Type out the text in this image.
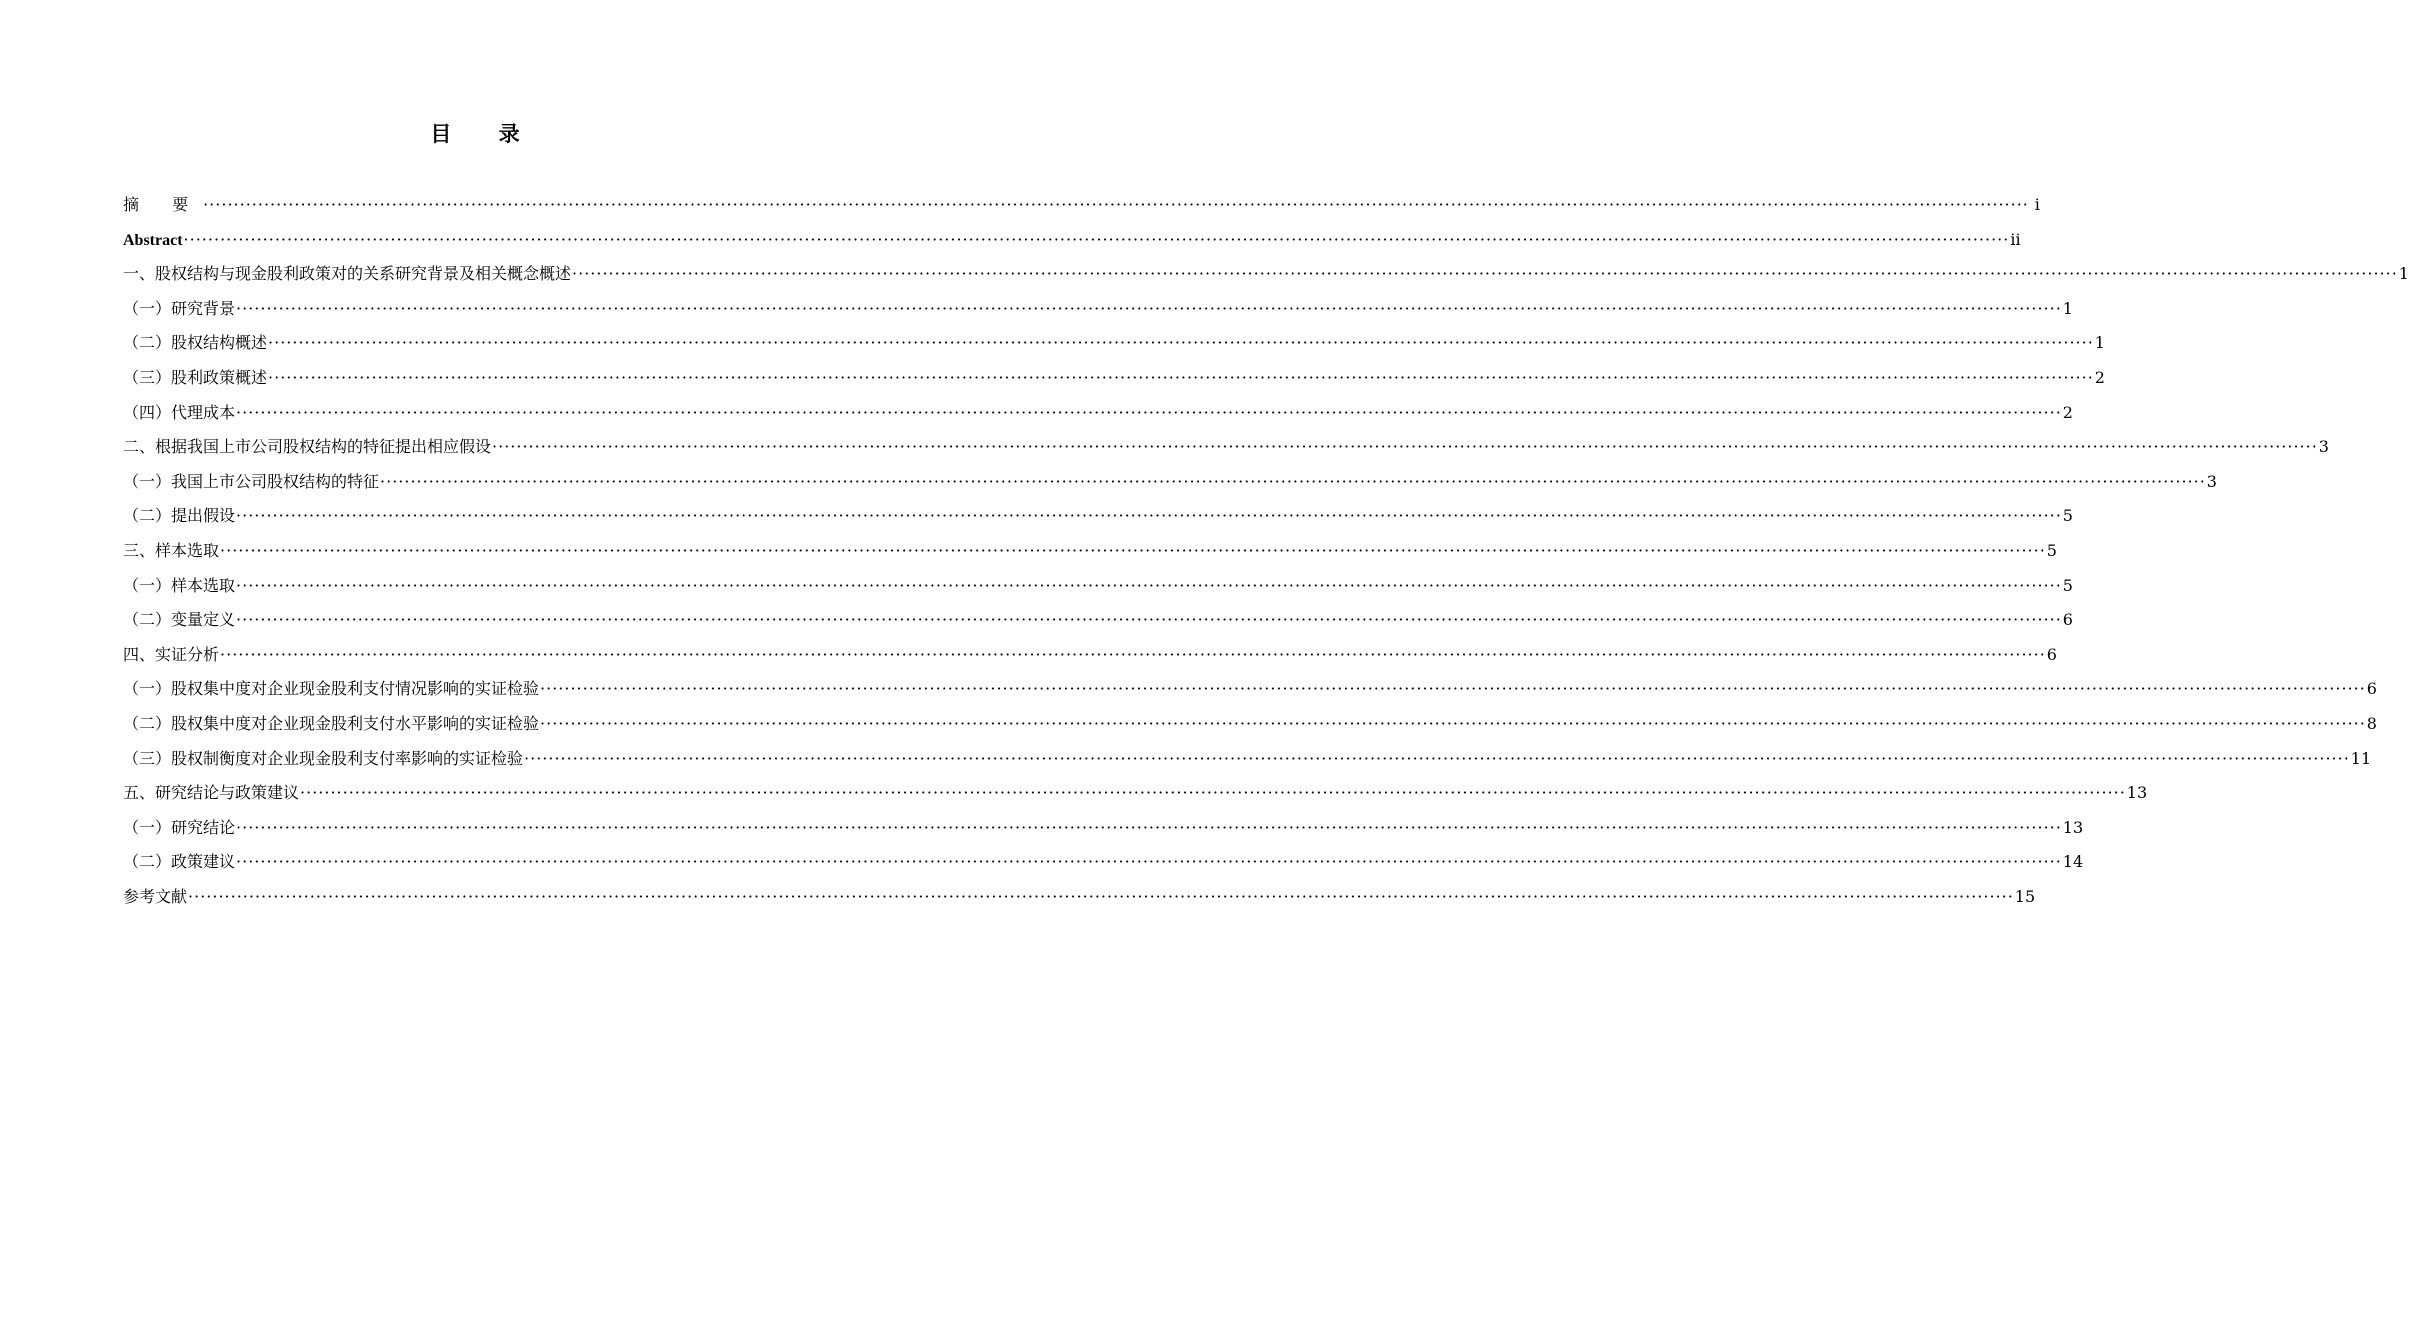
目 录
摘 要 ············································································································································································································································································································ i
Abstract ············································································································································································································································································································ ii
一、股权结构与现金股利政策对的关系研究背景及相关概念概述 ············································································································································································································································································································ 1
（一）研究背景 ············································································································································································································································································································ 1
（二）股权结构概述 ············································································································································································································································································································ 1
（三）股利政策概述 ············································································································································································································································································································ 2
（四）代理成本 ············································································································································································································································································································ 2
二、根据我国上市公司股权结构的特征提出相应假设 ············································································································································································································································································································ 3
（一）我国上市公司股权结构的特征 ············································································································································································································································································································ 3
（二）提出假设 ············································································································································································································································································································ 5
三、样本选取 ············································································································································································································································································································ 5
（一）样本选取 ············································································································································································································································································································ 5
（二）变量定义 ············································································································································································································································································································ 6
四、实证分析 ············································································································································································································································································································ 6
（一）股权集中度对企业现金股利支付情况影响的实证检验 ············································································································································································································································································································ 6
（二）股权集中度对企业现金股利支付水平影响的实证检验 ············································································································································································································································································································ 8
（三）股权制衡度对企业现金股利支付率影响的实证检验 ············································································································································································································································································································ 11
五、研究结论与政策建议 ············································································································································································································································································································ 13
（一）研究结论 ············································································································································································································································································································ 13
（二）政策建议 ············································································································································································································································································································ 14
参考文献 ············································································································································································································································································································ 15
